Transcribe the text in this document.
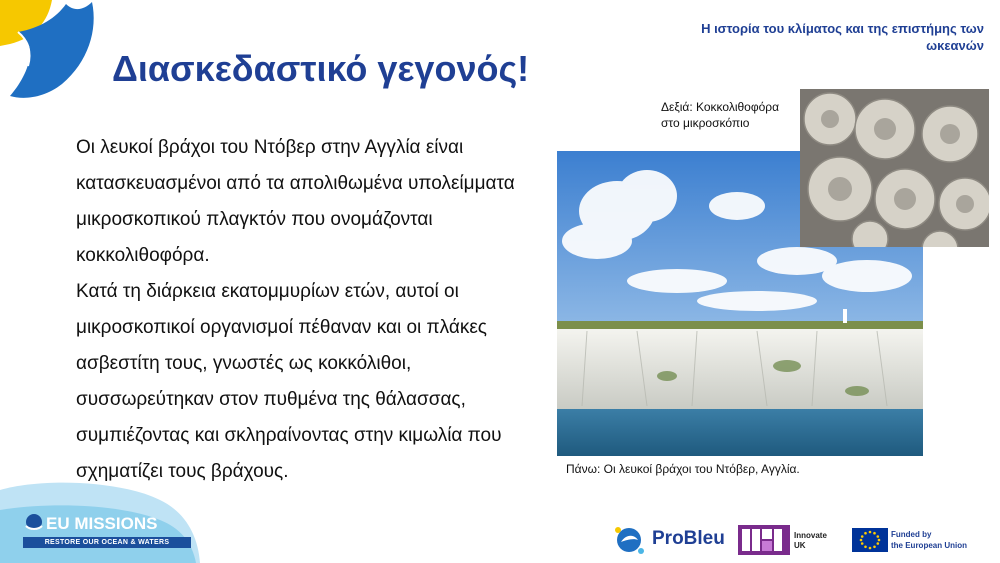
Διασκεδαστικό γεγονός!
Η ιστορία του κλίματος και της επιστήμης των
ωκεανών

Οι λευκοί βράχοι του Ντόβερ στην Αγγλία είναι
κατασκευασμένοι από τα απολιθωμένα υπολείμματα
μικροσκοπικού πλαγκτόν που ονομάζονται
κοκκολιθοφόρα.

Κατά τη διάρκεια εκατομμυρίων ετών, αυτοί οι
μικροσκοπικοί οργανισμοί πέθαναν και οι πλάκες
ασβεστίτη τους, γνωστές ως κοκκόλιθοι,
συσσωρεύτηκαν στον πυθμένα της θάλασσας,
συμπιέζοντας και σκληραίνοντας στην κιμωλία που
σχηματίζει τους βράχους.

Δεξιά: Κοκκολιθοφόρα
στο μικροσκόπιο
Πάνω: Οι λευκοί βράχοι του Ντόβερ, Αγγλία.
EU MISSIONS
RESTORE OUR OCEAN & WATERS	ProBleu	Innovate
UK
Funded by
the European Union
